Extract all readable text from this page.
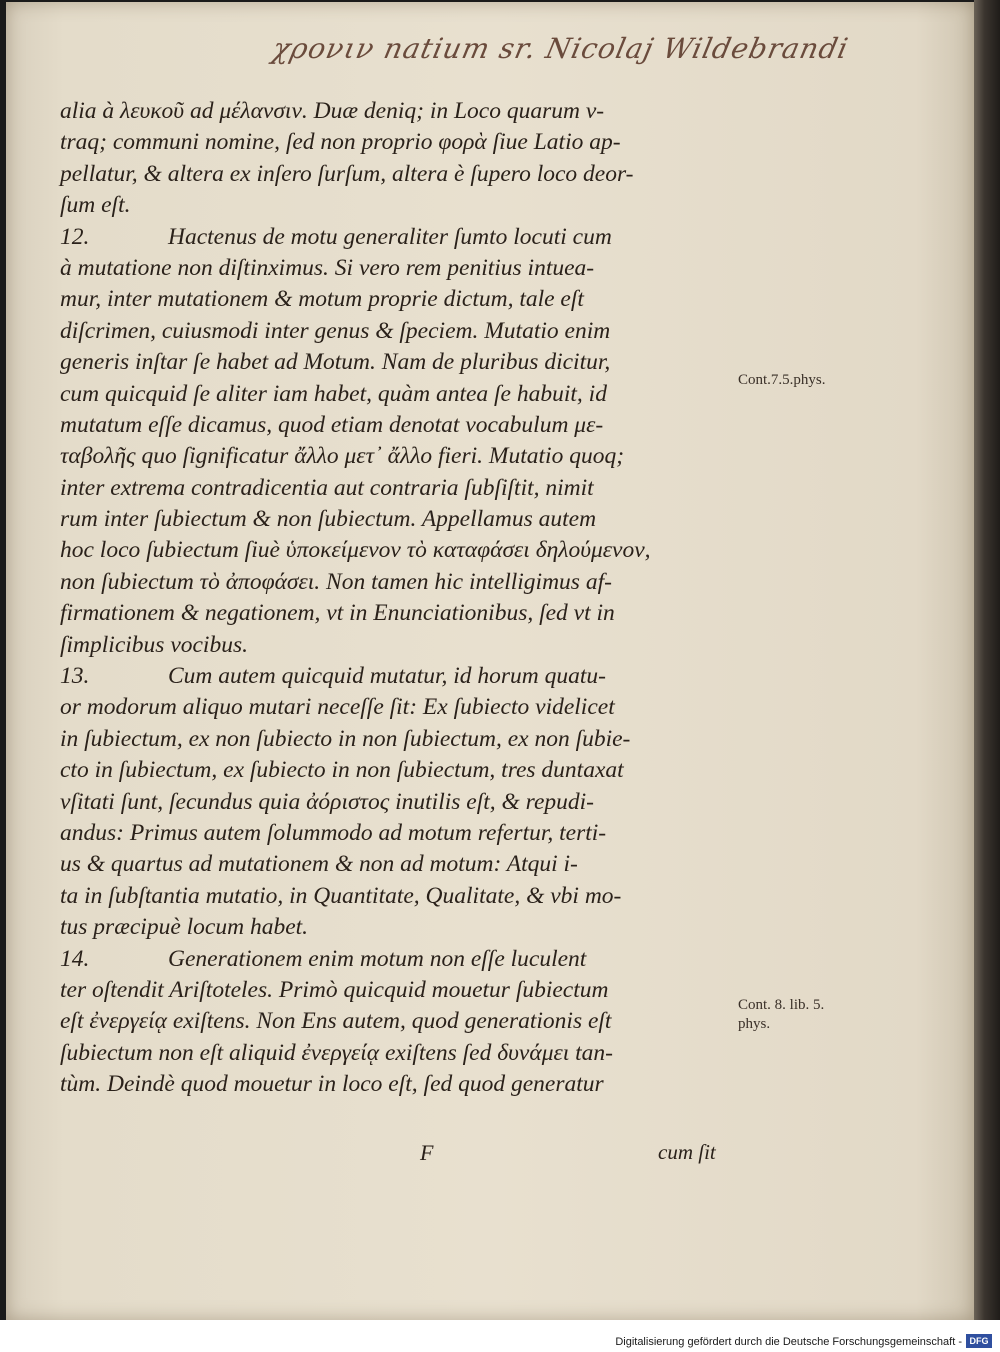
χρονιν natium sr. Nicolaj Wildebrandi
alia à λευκοῦ ad μέλανσιν. Duæ deniq; in Loco quarum v-
traq; communi nomine, ſed non proprio φορὰ ſiue Latio ap-
pellatur, & altera ex inſero ſurſum, altera è ſupero loco deor-
ſum eſt.
12.	Hactenus de motu generaliter ſumto locuti cum
à mutatione non diſtinximus. Si vero rem penitius intuea-
mur, inter mutationem & motum proprie dictum, tale eſt
diſcrimen, cuiusmodi inter genus & ſpeciem. Mutatio enim
generis inſtar ſe habet ad Motum. Nam de pluribus dicitur,
cum quicquid ſe aliter iam habet, quàm antea ſe habuit, id
mutatum eſſe dicamus, quod etiam denotat vocabulum με-
ταβολῆς quo ſignificatur ἄλλο μετ᾽ ἄλλο fieri. Mutatio quoq;
inter extrema contradicentia aut contraria ſubſiſtit, nimit
rum inter ſubiectum & non ſubiectum. Appellamus autem
hoc loco ſubiectum ſiuè ὑποκείμενον τὸ καταφάσει δηλούμενον,
non ſubiectum τὸ ἀποφάσει. Non tamen hic intelligimus af-
firmationem & negationem, vt in Enunciationibus, ſed vt in
ſimplicibus vocibus.
13.	Cum autem quicquid mutatur, id horum quatu-
or modorum aliquo mutari neceſſe ſit: Ex ſubiecto videlicet
in ſubiectum, ex non ſubiecto in non ſubiectum, ex non ſubie-
cto in ſubiectum, ex ſubiecto in non ſubiectum, tres duntaxat
vſitati ſunt, ſecundus quia ἀόριστος inutilis eſt, & repudi-
andus: Primus autem ſolummodo ad motum refertur, terti-
us & quartus ad mutationem & non ad motum: Atqui i-
ta in ſubſtantia mutatio, in Quantitate, Qualitate, & vbi mo-
tus præcipuè locum habet.
14.	Generationem enim motum non eſſe luculent
ter oſtendit Ariſtoteles. Primò quicquid mouetur ſubiectum
eſt ἐνεργείᾳ exiſtens. Non Ens autem, quod generationis eſt
ſubiectum non eſt aliquid ἐνεργείᾳ exiſtens ſed δυνάμει tan-
tùm. Deindè quod mouetur in loco eſt, ſed quod generatur
Cont.7.5.phys.
Cont. 8. lib. 5.
phys.
F	cum ſit
Digitalisierung gefördert durch die Deutsche Forschungsgemeinschaft - DFG
